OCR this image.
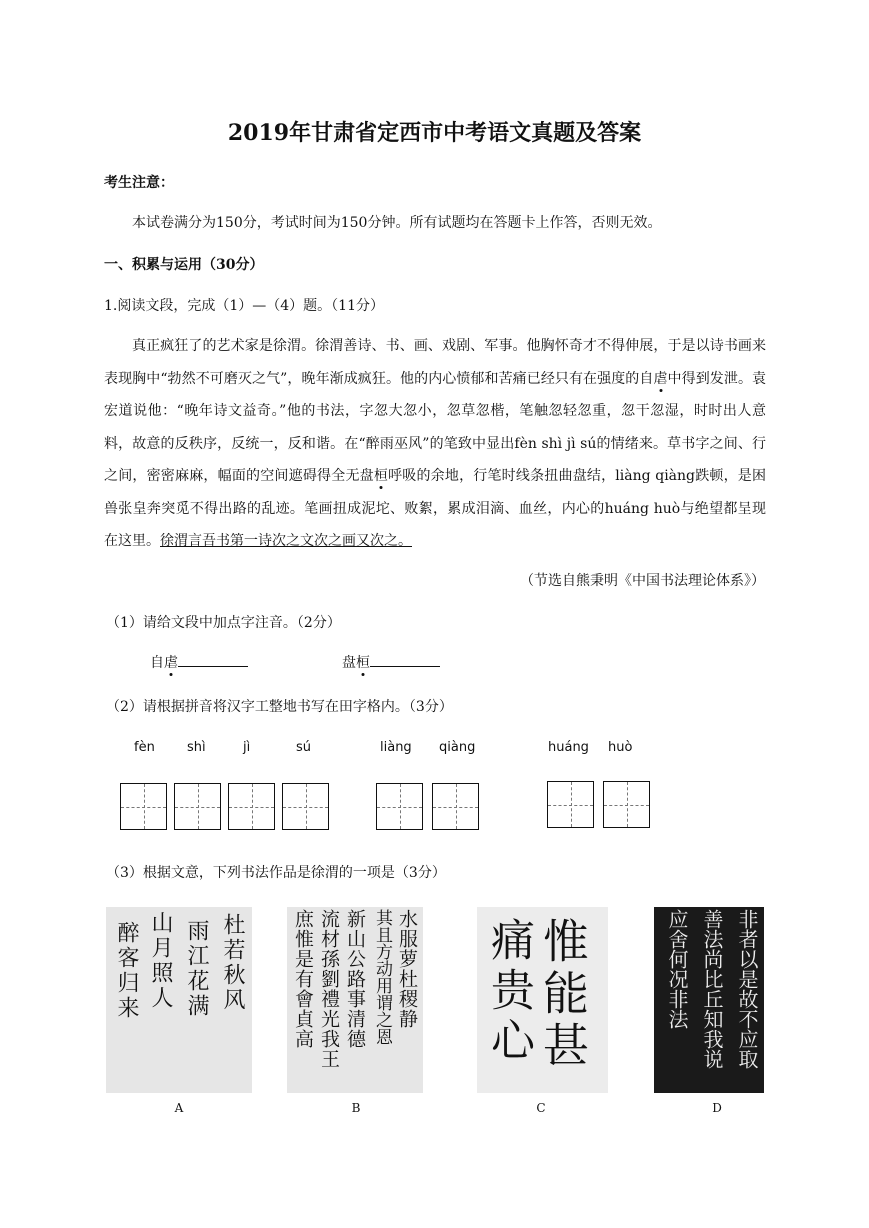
2019年甘肃省定西市中考语文真题及答案
考生注意：
本试卷满分为150分，考试时间为150分钟。所有试题均在答题卡上作答，否则无效。
一、积累与运用（30分）
1.阅读文段，完成（1）—（4）题。（11分）

真正疯狂了的艺术家是徐渭。徐渭善诗、书、画、戏剧、军事。他胸怀奇才不得伸展，于是以诗书画来表现胸中“勃然不可磨灭之气”，晚年渐成疯狂。他的内心愤郁和苦痛已经只有在强度的自虐中得到发泄。袁宏道说他：“晚年诗文益奇。”他的书法，字忽大忽小，忽草忽楷，笔触忽轻忽重，忽干忽湿，时时出人意料，故意的反秩序，反统一，反和谐。在“醉雨巫风”的笔致中显出fèn shì jì sú的情绪来。草书字之间、行之间，密密麻麻，幅面的空间遮碍得全无盘桓呼吸的余地，行笔时线条扭曲盘结，liàng qiàng跌顿，是困兽张皇奔突觅不得出路的乱迹。笔画扭成泥坨、败絮，累成泪滴、血丝，内心的huáng huò与绝望都呈现在这里。徐渭言吾书第一诗次之文次之画又次之。

（节选自熊秉明《中国书法理论体系》）
（1）请给文段中加点字注音。（2分）
自虐	盘桓
（2）请根据拼音将汉字工整地书写在田字格内。（3分）
fèn shì	jì	sú	liàng qiàng	huáng huò
（3）根据文意，下列书法作品是徐渭的一项是（3分）
杜若秋风
雨江花满
山月照人
醉客归来
A
水服萝杜稷静
其且方动用谓之恩
新山公路事清德
流材孫劉禮光我王
庶惟是有會貞高
B
惟能甚
痛贵心
C
非者以是故不应取
善法尚比丘知我说
应舍何况非法
D
